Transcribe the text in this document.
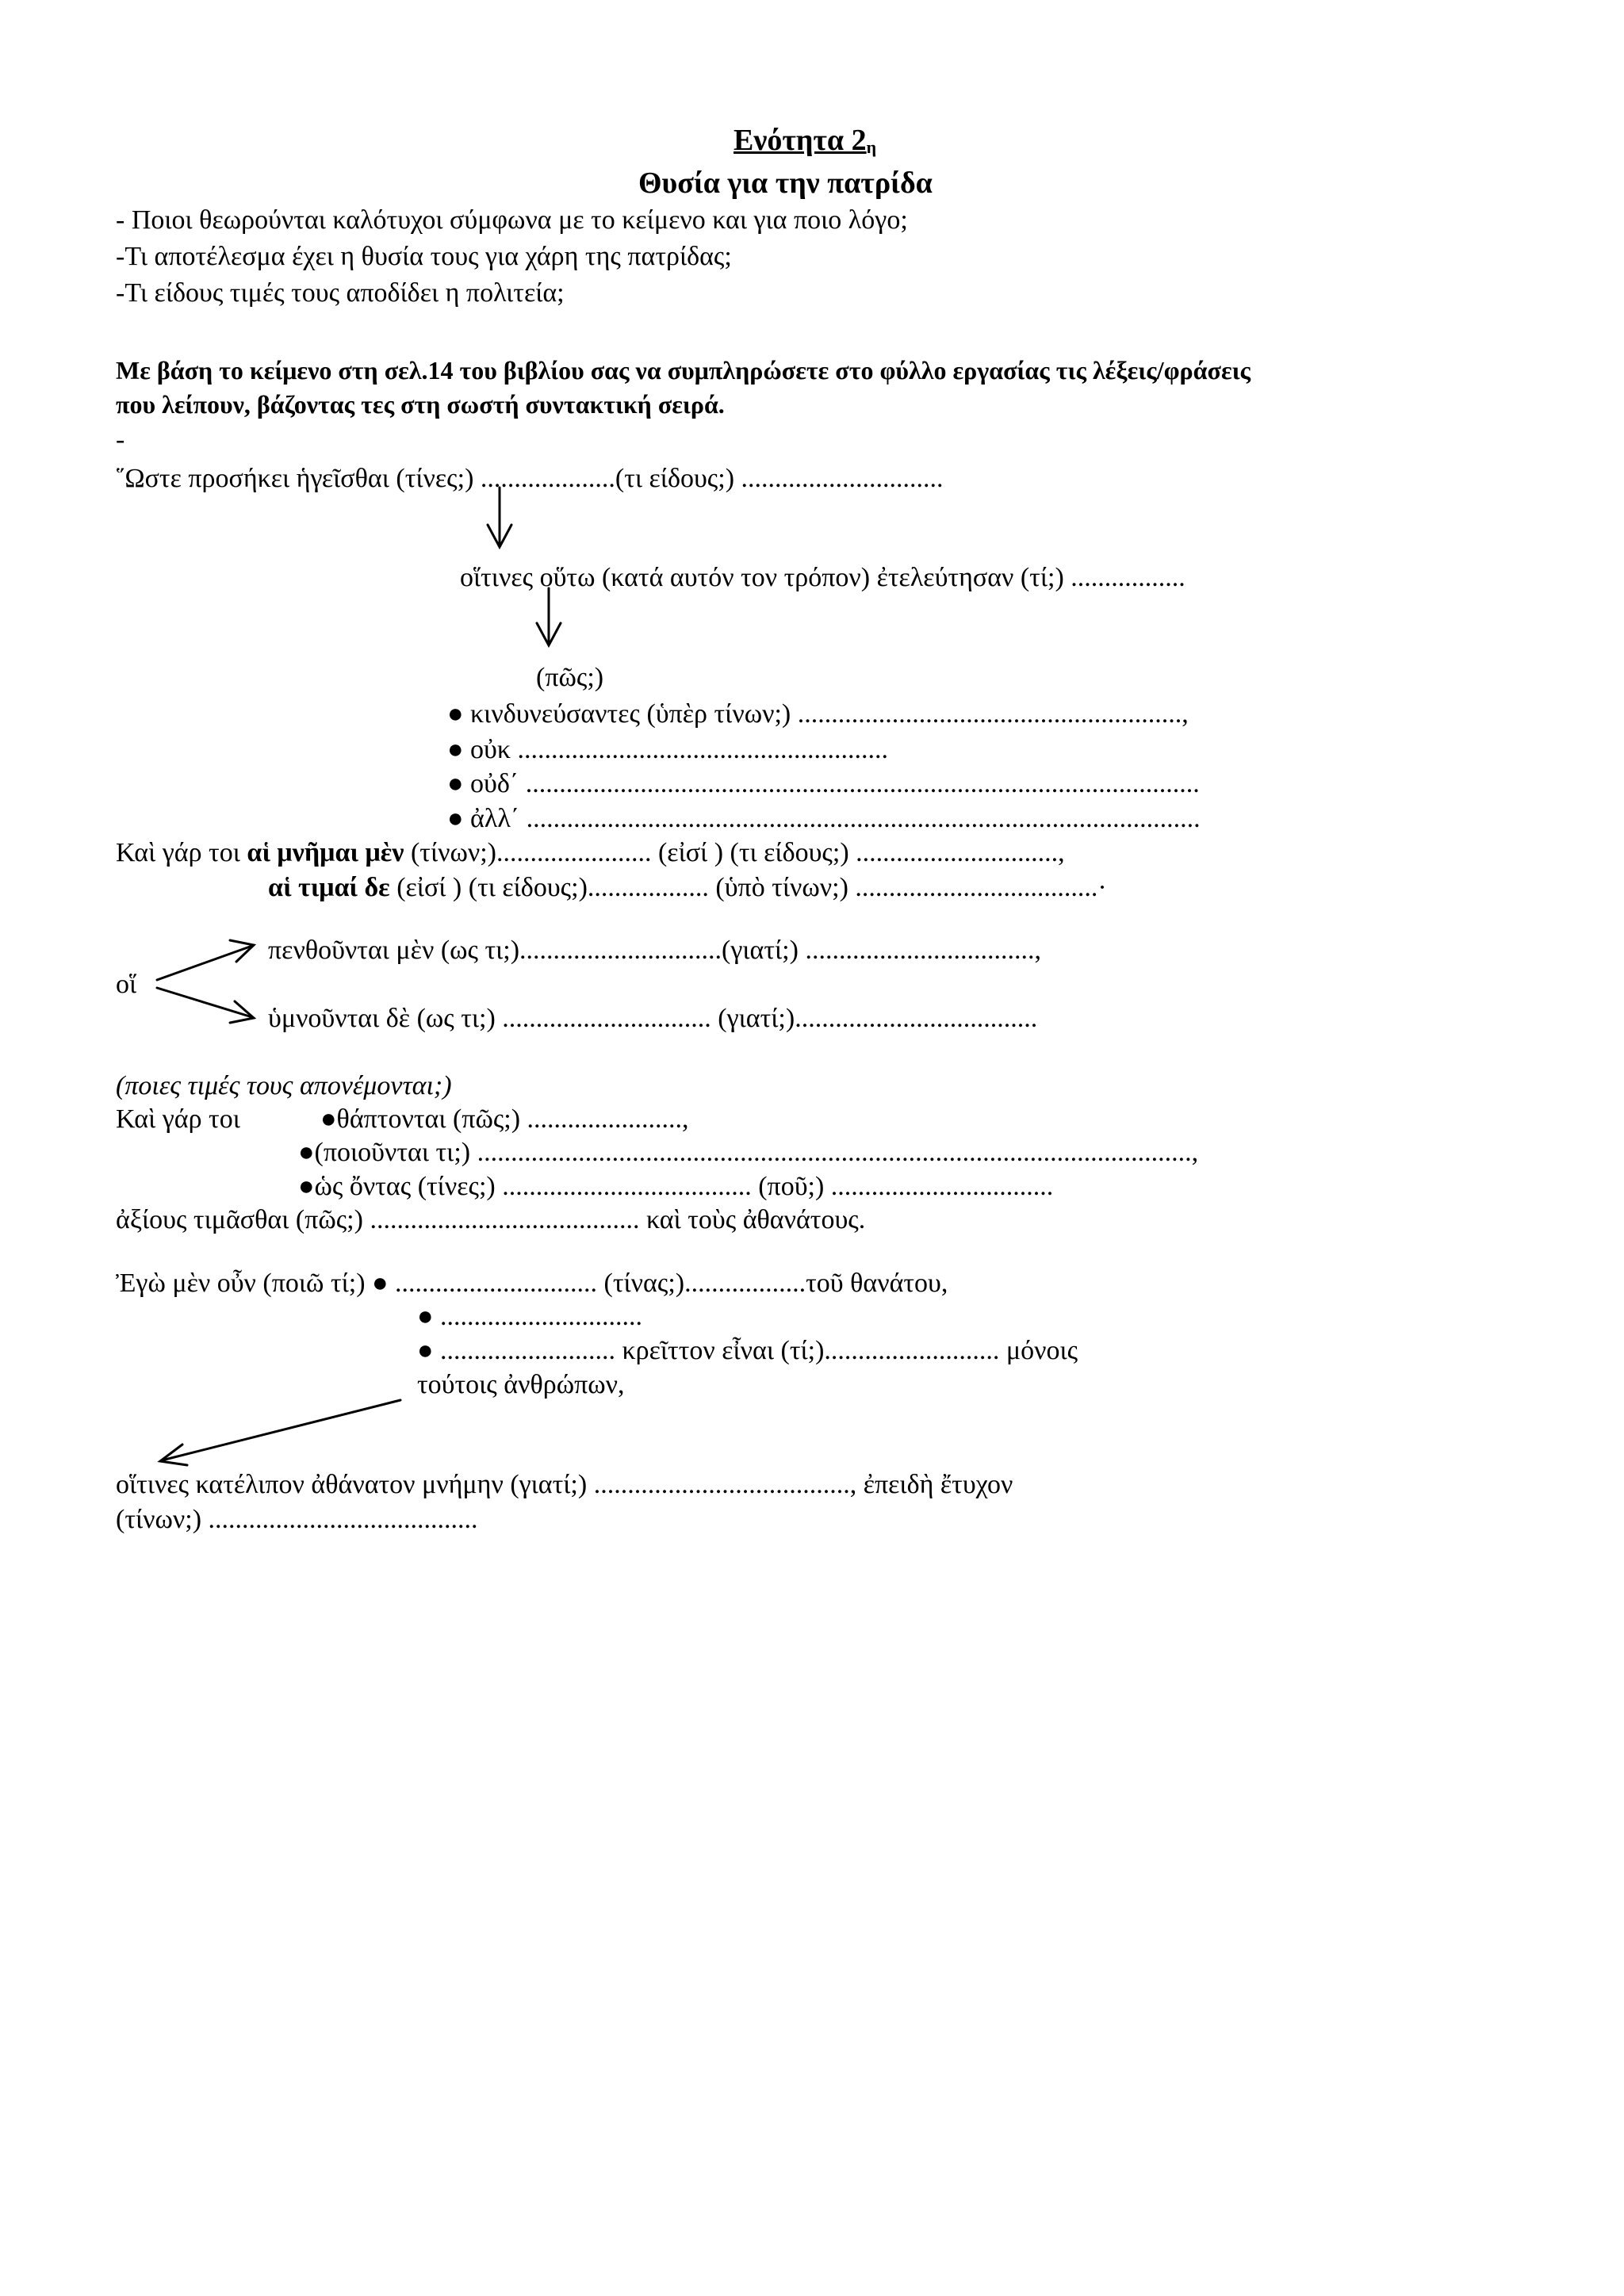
Ενότητα 2η
Θυσία για την πατρίδα
- Ποιοι θεωρούνται καλότυχοι σύμφωνα με το κείμενο και για ποιο λόγο;
-Τι αποτέλεσμα έχει η θυσία τους για χάρη της πατρίδας;
-Τι είδους τιμές τους αποδίδει η πολιτεία;
Με βάση το κείμενο στη σελ.14 του βιβλίου σας να συμπληρώσετε στο φύλλο εργασίας τις λέξεις/φράσεις
που λείπουν, βάζοντας τες στη σωστή συντακτική σειρά.
-
῞Ωστε προσήκει ἡγεῖσθαι (τίνες;) ....................(τι είδους;) ..............................
οἵτινες οὕτω (κατά αυτόν τον τρόπον) ἐτελεύτησαν (τί;) .................
(πῶς;)
● κινδυνεύσαντες (ὑπὲρ τίνων;) .........................................................,
● οὐκ .......................................................
● οὐδ΄ ....................................................................................................
● ἀλλ΄ ....................................................................................................
Καὶ γάρ τοι αἱ μνῆμαι μὲν (τίνων;)....................... (εἰσί ) (τι είδους;) ..............................,
αἱ τιμαί δε (εἰσί ) (τι είδους;).................. (ὑπὸ τίνων;) ....................................·
πενθοῦνται μὲν (ως τι;)..............................(γιατί;) ..................................,
οἵ
ὑμνοῦνται δὲ (ως τι;) ............................... (γιατί;)....................................
(ποιες τιμές τους απονέμονται;)
Καὶ γάρ τοι	●θάπτονται (πῶς;) .......................,
●(ποιοῦνται τι;) ..........................................................................................................,
●ὡς ὄντας (τίνες;) ..................................... (ποῦ;) .................................
ἀξίους τιμᾶσθαι (πῶς;) ........................................ καὶ τοὺς ἀθανάτους.
Ἐγὼ μὲν οὖν (ποιῶ τί;) ● .............................. (τίνας;)..................τοῦ θανάτου,
● ..............................
● .......................... κρεῖττον εἶναι (τί;).......................... μόνοις
τούτοις ἀνθρώπων,
οἵτινες κατέλιπον ἀθάνατον μνήμην (γιατί;) ......................................, ἐπειδὴ ἔτυχον
(τίνων;) ........................................
